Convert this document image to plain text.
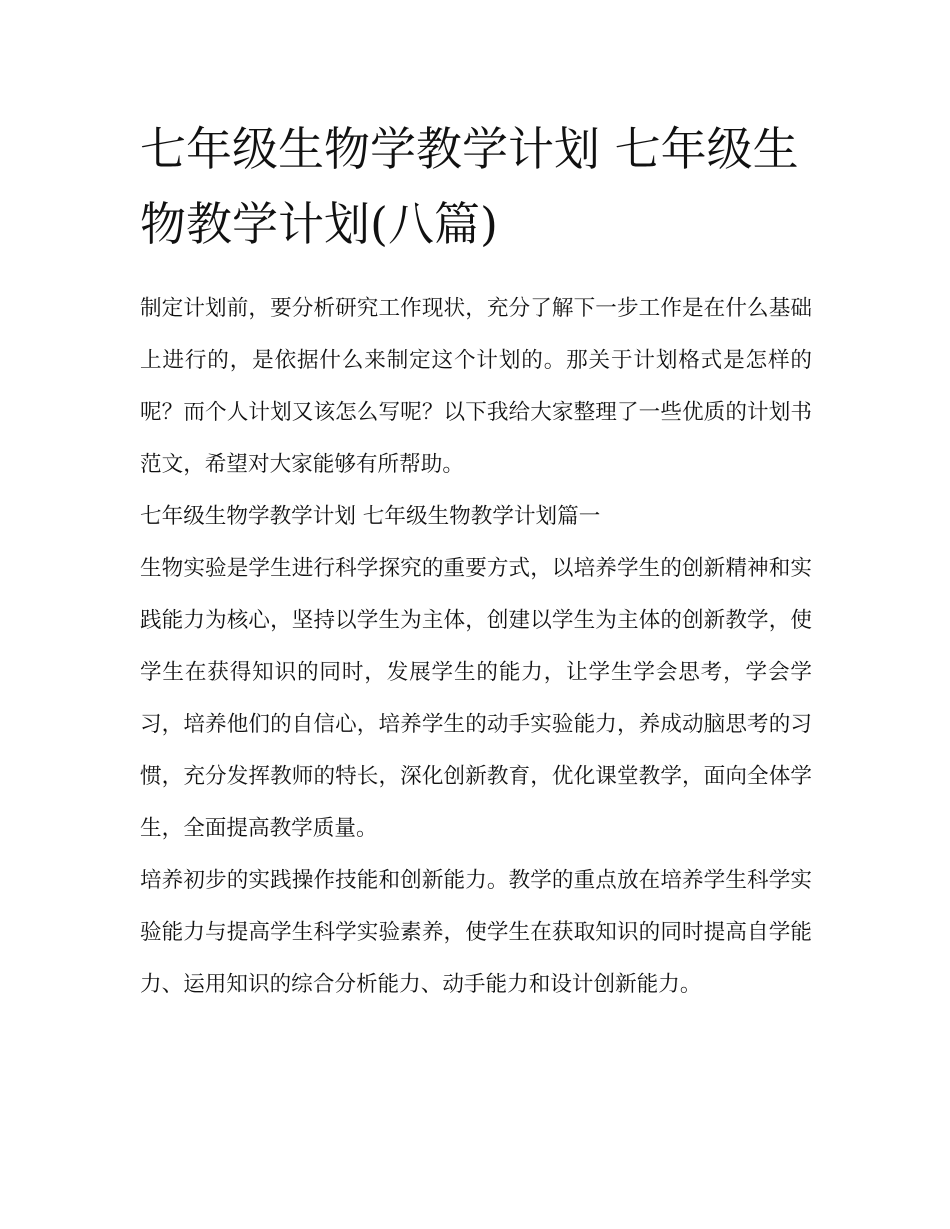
七年级生物学教学计划 七年级生物教学计划(八篇)

制定计划前，要分析研究工作现状，充分了解下一步工作是在什么基础上进行的，是依据什么来制定这个计划的。那关于计划格式是怎样的呢？而个人计划又该怎么写呢？以下我给大家整理了一些优质的计划书范文，希望对大家能够有所帮助。

七年级生物学教学计划 七年级生物教学计划篇一

生物实验是学生进行科学探究的重要方式，以培养学生的创新精神和实践能力为核心，坚持以学生为主体，创建以学生为主体的创新教学，使学生在获得知识的同时，发展学生的能力，让学生学会思考，学会学习，培养他们的自信心，培养学生的动手实验能力，养成动脑思考的习惯，充分发挥教师的特长，深化创新教育，优化课堂教学，面向全体学生，全面提高教学质量。

培养初步的实践操作技能和创新能力。教学的重点放在培养学生科学实验能力与提高学生科学实验素养，使学生在获取知识的同时提高自学能力、运用知识的综合分析能力、动手能力和设计创新能力。
